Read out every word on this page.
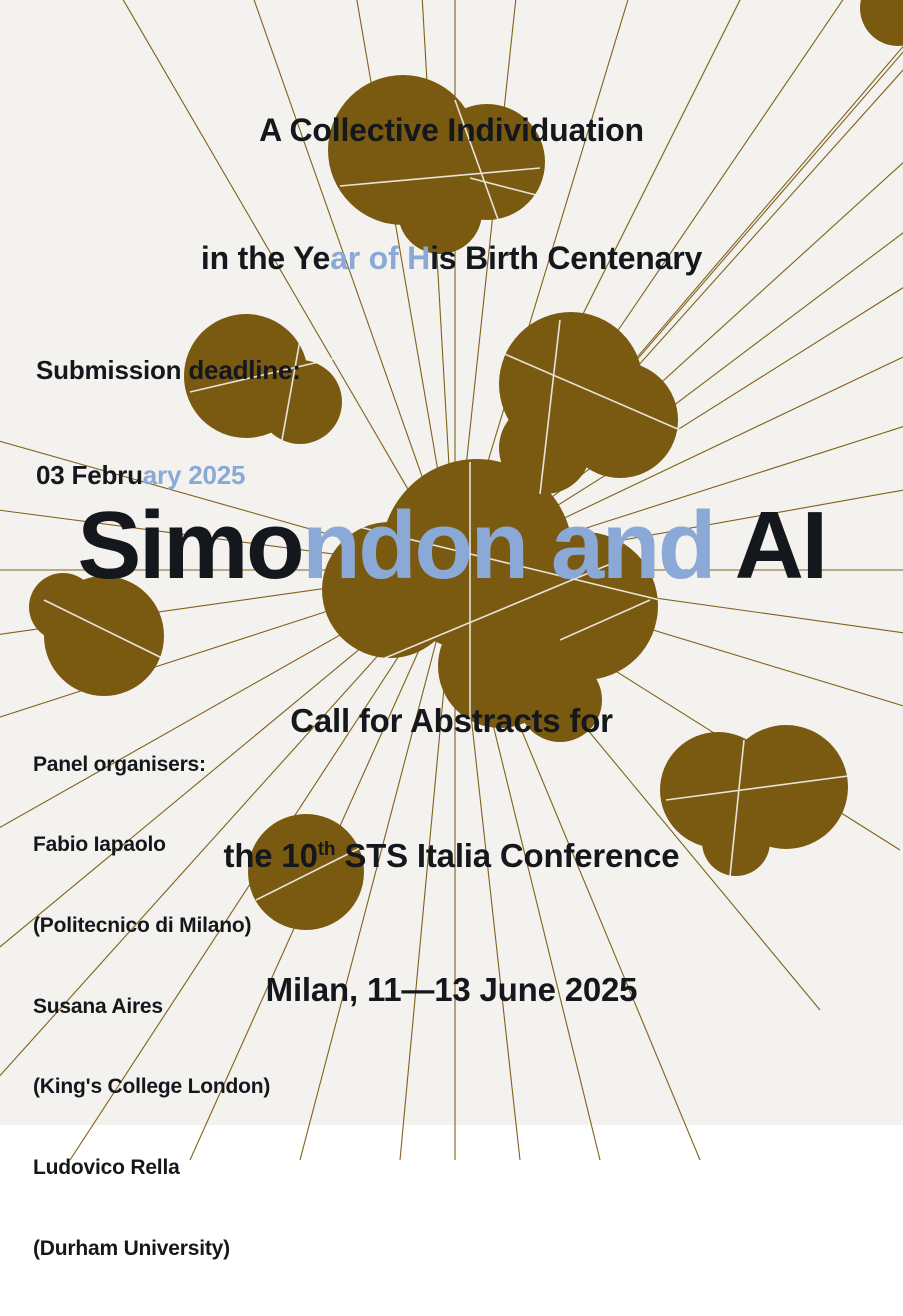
A Collective Individuation

in the Year of His Birth Centenary

Submission deadline:

03 February 2025

Simondon and AI

Panel organisers:

Fabio Iapaolo

(Politecnico di Milano)

Susana Aires

(King's College London)

Ludovico Rella

(Durham University)

Call for Abstracts for

the 10th STS Italia Conference

Milan, 11—13 June 2025
